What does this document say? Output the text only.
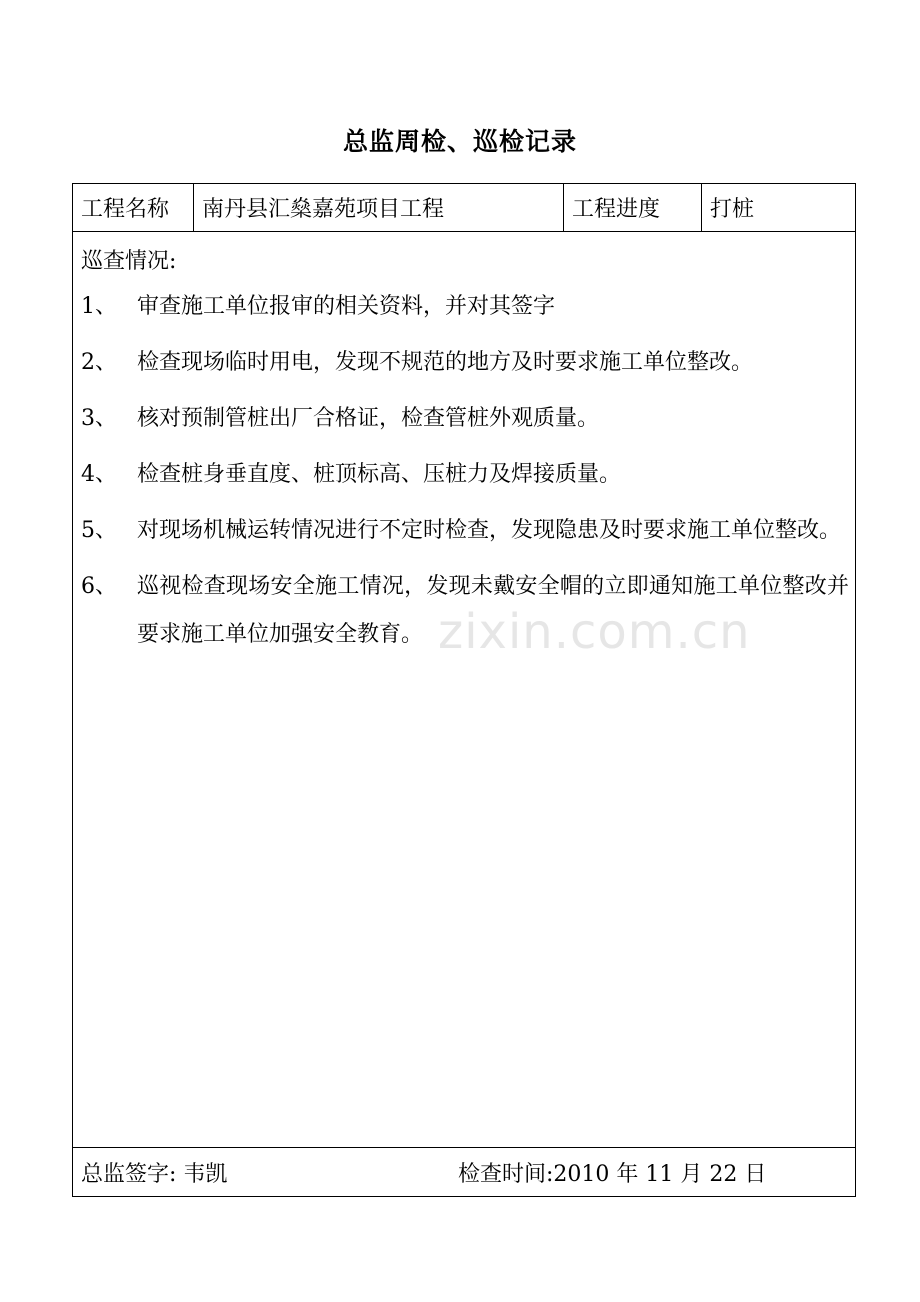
总监周检、巡检记录
工程名称	南丹县汇燊嘉苑项目工程	工程进度	打桩

巡查情况:
1、 审查施工单位报审的相关资料，并对其签字
2、 检查现场临时用电，发现不规范的地方及时要求施工单位整改。
3、 核对预制管桩出厂合格证，检查管桩外观质量。
4、 检查桩身垂直度、桩顶标高、压桩力及焊接质量。
5、 对现场机械运转情况进行不定时检查，发现隐患及时要求施工单位整改。
6、 巡视检查现场安全施工情况，发现未戴安全帽的立即通知施工单位整改并要求施工单位加强安全教育。

总监签字: 韦凯	检查时间:2010 年 11 月 22 日
zixin.com.cn
